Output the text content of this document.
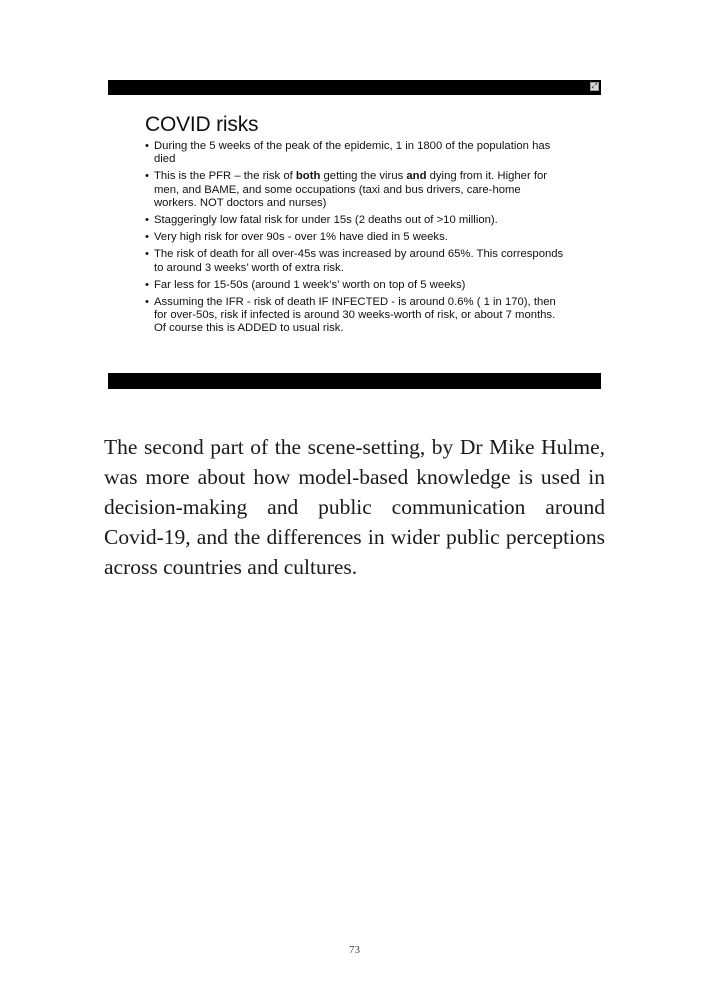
⤢
COVID risks
• During the 5 weeks of the peak of the epidemic, 1 in 1800 of the population has died
• This is the PFR – the risk of both getting the virus and dying from it. Higher for men, and BAME, and some occupations (taxi and bus drivers, care-home workers. NOT doctors and nurses)
• Staggeringly low fatal risk for under 15s (2 deaths out of >10 million).
• Very high risk for over 90s - over 1% have died in 5 weeks.
• The risk of death for all over-45s was increased by around 65%. This corresponds to around 3 weeks’ worth of extra risk.
• Far less for 15-50s (around 1 week’s’ worth on top of 5 weeks)
• Assuming the IFR - risk of death IF INFECTED - is around 0.6% ( 1 in 170), then for over-50s, risk if infected is around 30 weeks-worth of risk, or about 7 months. Of course this is ADDED to usual risk.

The second part of the scene-setting, by Dr Mike Hulme, was more about how model-based knowledge is used in decision-making and public communication around Covid-19, and the differences in wider public perceptions across countries and cultures.

73
